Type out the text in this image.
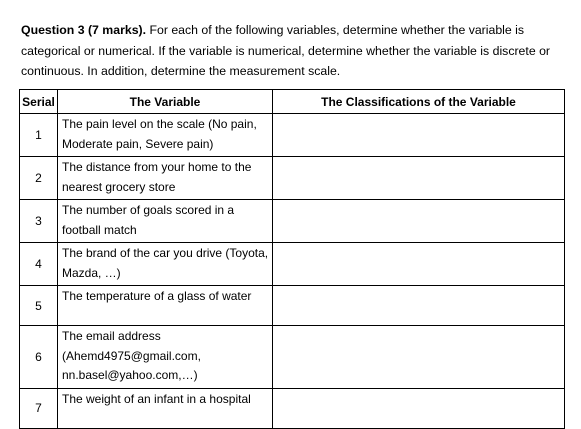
Question 3 (7 marks). For each of the following variables, determine whether the variable is categorical or numerical. If the variable is numerical, determine whether the variable is discrete or continuous. In addition, determine the measurement scale.
Serial	The Variable	The Classifications of the Variable
1	The pain level on the scale (No pain, Moderate pain, Severe pain)	
2	The distance from your home to the nearest grocery store	
3	The number of goals scored in a football match	
4	The brand of the car you drive (Toyota, Mazda, …)	
5	The temperature of a glass of water	
6	The email address (Ahemd4975@gmail.com, nn.basel@yahoo.com,…)	
7	The weight of an infant in a hospital	
